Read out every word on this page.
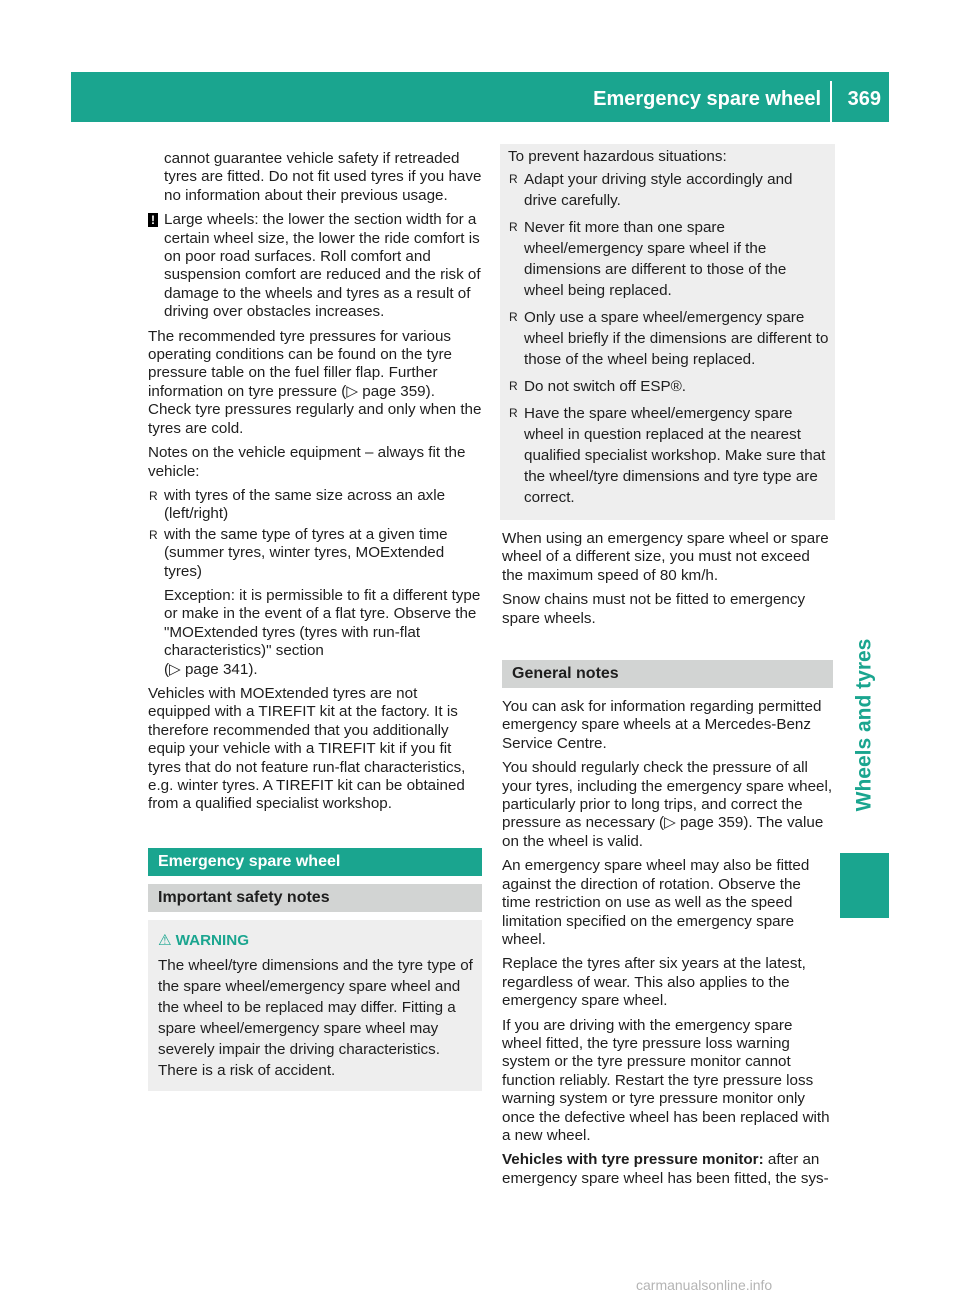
Emergency spare wheel 369
Wheels and tyres

cannot guarantee vehicle safety if retreaded tyres are fitted. Do not fit used tyres if you have no information about their previous usage.

! Large wheels: the lower the section width for a certain wheel size, the lower the ride comfort is on poor road surfaces. Roll comfort and suspension comfort are reduced and the risk of damage to the wheels and tyres as a result of driving over obstacles increases.

The recommended tyre pressures for various operating conditions can be found on the tyre pressure table on the fuel filler flap. Further information on tyre pressure (▷ page 359). Check tyre pressures regularly and only when the tyres are cold.

Notes on the vehicle equipment – always fit the vehicle:

R with tyres of the same size across an axle (left/right)
R with the same type of tyres at a given time (summer tyres, winter tyres, MOExtended tyres)
Exception: it is permissible to fit a different type or make in the event of a flat tyre. Observe the "MOExtended tyres (tyres with run-flat characteristics)" section
(▷ page 341).

Vehicles with MOExtended tyres are not equipped with a TIREFIT kit at the factory. It is therefore recommended that you additionally equip your vehicle with a TIREFIT kit if you fit tyres that do not feature run-flat characteristics, e.g. winter tyres. A TIREFIT kit can be obtained from a qualified specialist workshop.

Emergency spare wheel
Important safety notes
⚠ WARNING
The wheel/tyre dimensions and the tyre type of the spare wheel/emergency spare wheel and the wheel to be replaced may differ. Fitting a spare wheel/emergency spare wheel may severely impair the driving characteristics. There is a risk of accident.

To prevent hazardous situations:

R Adapt your driving style accordingly and drive carefully.
R Never fit more than one spare wheel/emergency spare wheel if the dimensions are different to those of the wheel being replaced.
R Only use a spare wheel/emergency spare wheel briefly if the dimensions are different to those of the wheel being replaced.
R Do not switch off ESP®.
R Have the spare wheel/emergency spare wheel in question replaced at the nearest qualified specialist workshop. Make sure that the wheel/tyre dimensions and tyre type are correct.

When using an emergency spare wheel or spare wheel of a different size, you must not exceed the maximum speed of 80 km/h.

Snow chains must not be fitted to emergency spare wheels.

General notes

You can ask for information regarding permitted emergency spare wheels at a Mercedes-Benz Service Centre.

You should regularly check the pressure of all your tyres, including the emergency spare wheel, particularly prior to long trips, and correct the pressure as necessary (▷ page 359). The value on the wheel is valid.

An emergency spare wheel may also be fitted against the direction of rotation. Observe the time restriction on use as well as the speed limitation specified on the emergency spare wheel.

Replace the tyres after six years at the latest, regardless of wear. This also applies to the emergency spare wheel.

If you are driving with the emergency spare wheel fitted, the tyre pressure loss warning system or the tyre pressure monitor cannot function reliably. Restart the tyre pressure loss warning system or tyre pressure monitor only once the defective wheel has been replaced with a new wheel.

Vehicles with tyre pressure monitor: after an emergency spare wheel has been fitted, the sys-

carmanualsonline.info
